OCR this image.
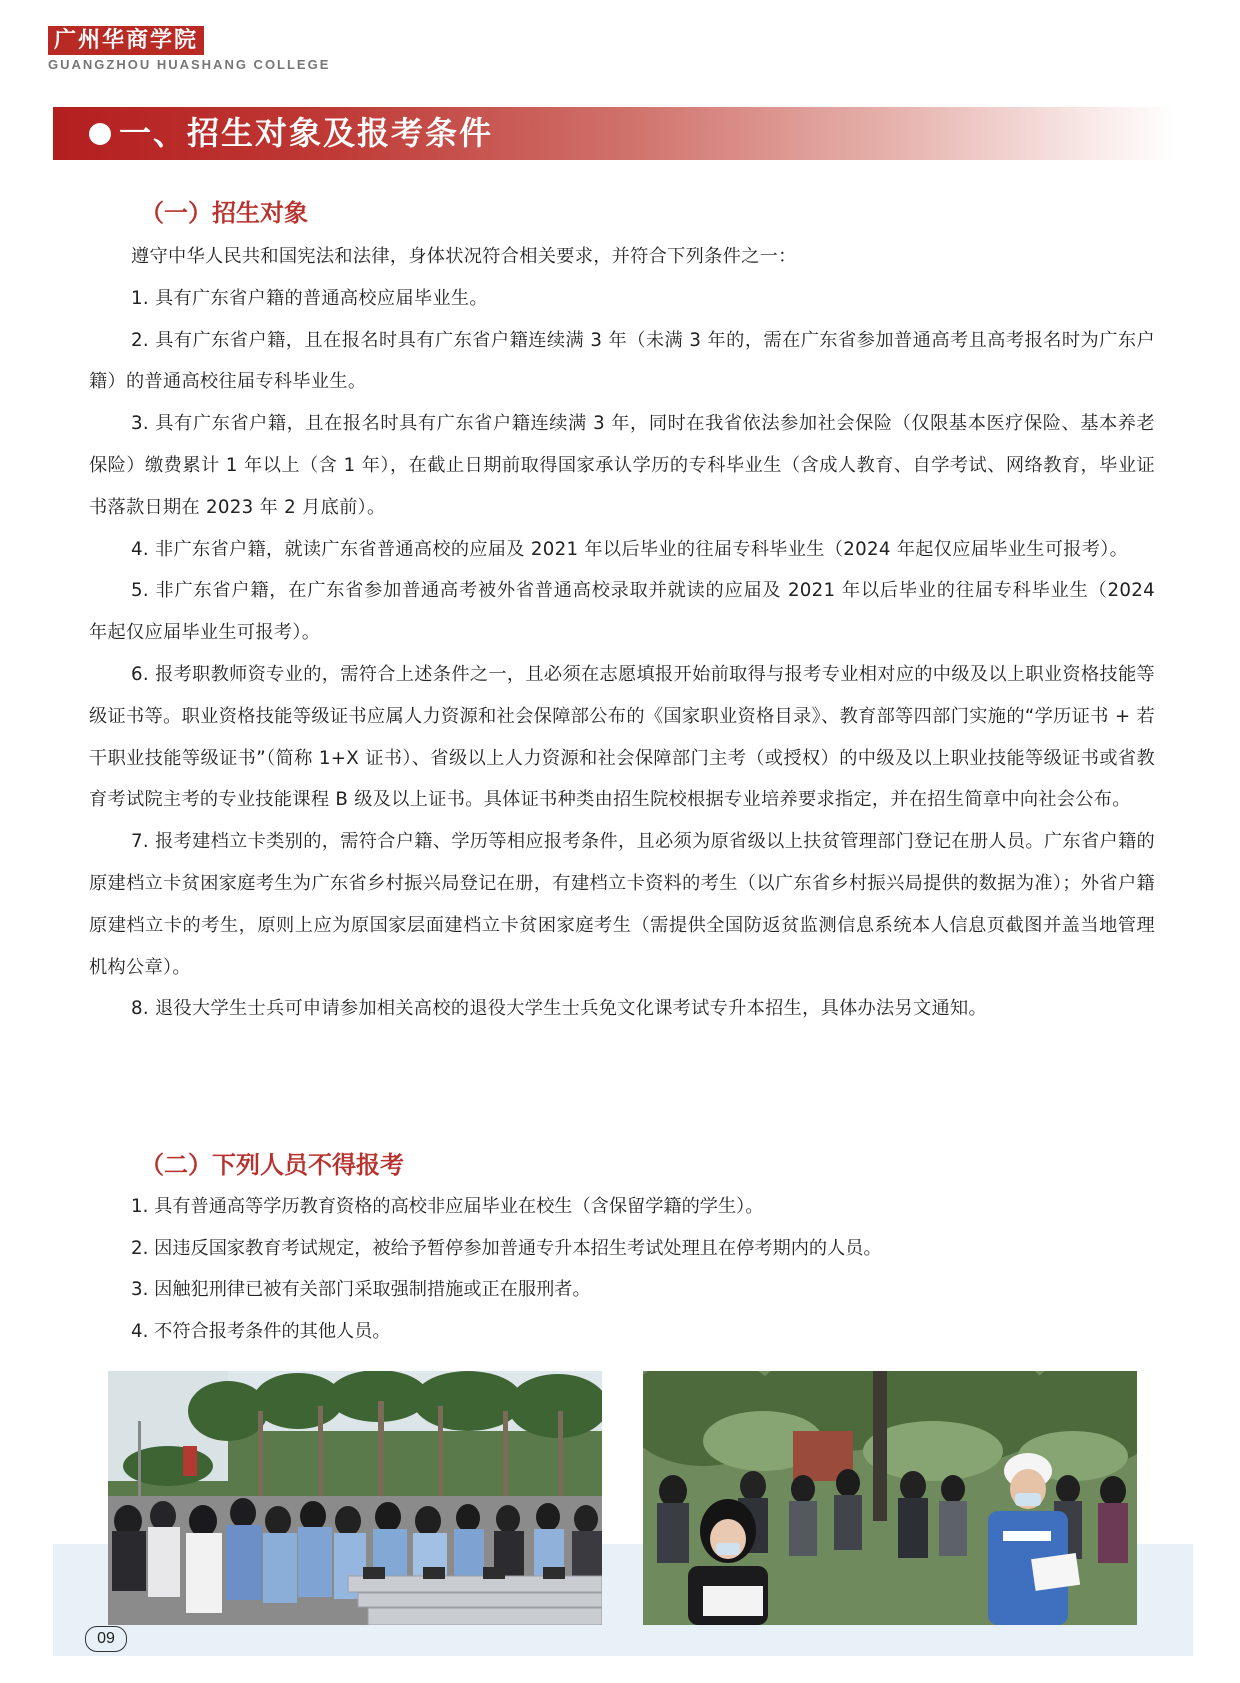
广州华商学院
GUANGZHOU HUASHANG COLLEGE
一、招生对象及报考条件
（一）招生对象

遵守中华人民共和国宪法和法律，身体状况符合相关要求，并符合下列条件之一：

1. 具有广东省户籍的普通高校应届毕业生。

2. 具有广东省户籍，且在报名时具有广东省户籍连续满 3 年（未满 3 年的，需在广东省参加普通高考且高考报名时为广东户籍）的普通高校往届专科毕业生。

3. 具有广东省户籍，且在报名时具有广东省户籍连续满 3 年，同时在我省依法参加社会保险（仅限基本医疗保险、基本养老保险）缴费累计 1 年以上（含 1 年），在截止日期前取得国家承认学历的专科毕业生（含成人教育、自学考试、网络教育，毕业证书落款日期在 2023 年 2 月底前）。

4. 非广东省户籍，就读广东省普通高校的应届及 2021 年以后毕业的往届专科毕业生（2024 年起仅应届毕业生可报考）。

5. 非广东省户籍，在广东省参加普通高考被外省普通高校录取并就读的应届及 2021 年以后毕业的往届专科毕业生（2024 年起仅应届毕业生可报考）。

6. 报考职教师资专业的，需符合上述条件之一，且必须在志愿填报开始前取得与报考专业相对应的中级及以上职业资格技能等级证书等。职业资格技能等级证书应属人力资源和社会保障部公布的《国家职业资格目录》、教育部等四部门实施的“学历证书 + 若干职业技能等级证书”（简称 1+X 证书）、省级以上人力资源和社会保障部门主考（或授权）的中级及以上职业技能等级证书或省教育考试院主考的专业技能课程 B 级及以上证书。具体证书种类由招生院校根据专业培养要求指定，并在招生简章中向社会公布。

7. 报考建档立卡类别的，需符合户籍、学历等相应报考条件，且必须为原省级以上扶贫管理部门登记在册人员。广东省户籍的原建档立卡贫困家庭考生为广东省乡村振兴局登记在册，有建档立卡资料的考生（以广东省乡村振兴局提供的数据为准）；外省户籍原建档立卡的考生，原则上应为原国家层面建档立卡贫困家庭考生（需提供全国防返贫监测信息系统本人信息页截图并盖当地管理机构公章）。

8. 退役大学生士兵可申请参加相关高校的退役大学生士兵免文化课考试专升本招生，具体办法另文通知。

（二）下列人员不得报考

1. 具有普通高等学历教育资格的高校非应届毕业在校生（含保留学籍的学生）。

2. 因违反国家教育考试规定，被给予暂停参加普通专升本招生考试处理且在停考期内的人员。

3. 因触犯刑律已被有关部门采取强制措施或正在服刑者。

4. 不符合报考条件的其他人员。

09
